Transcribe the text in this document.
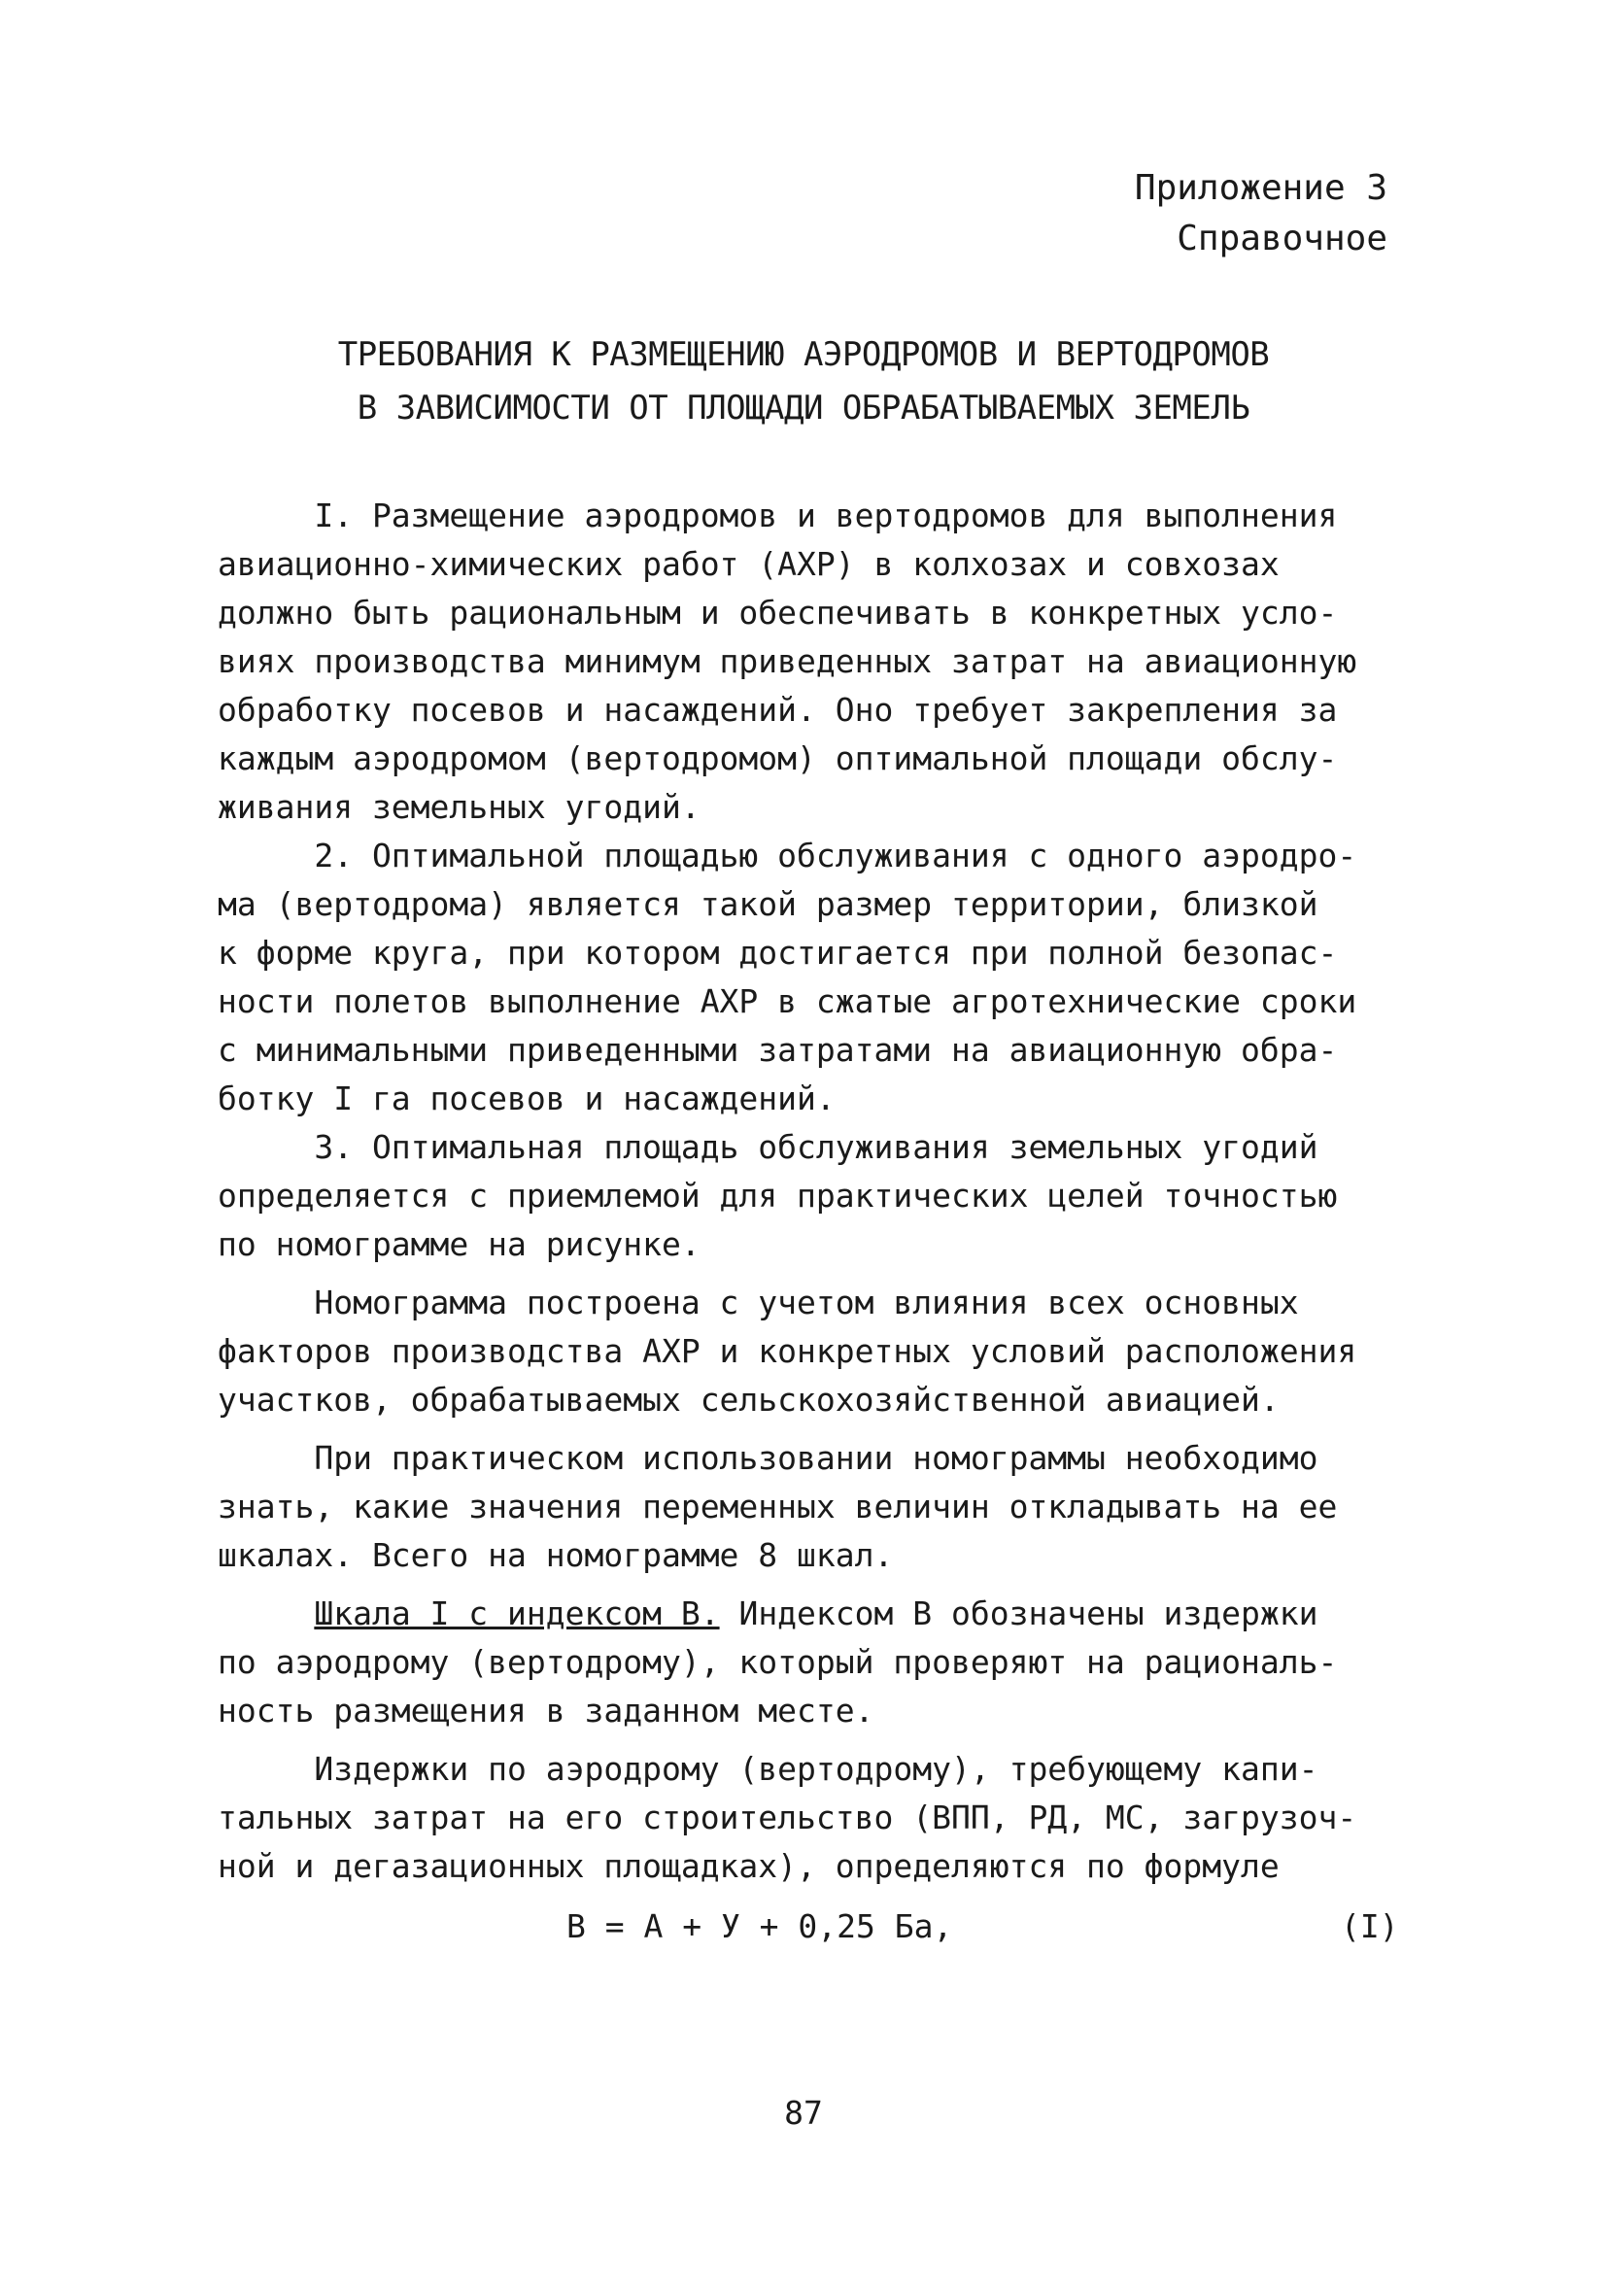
Приложение 3
Справочное
ТРЕБОВАНИЯ К РАЗМЕЩЕНИЮ АЭРОДРОМОВ И ВЕРТОДРОМОВ
В ЗАВИСИМОСТИ ОТ ПЛОЩАДИ ОБРАБАТЫВАЕМЫХ ЗЕМЕЛЬ
I. Размещение аэродромов и вертодромов для выполнения
авиационно-химических работ (АХР) в колхозах и совхозах
должно быть рациональным и обеспечивать в конкретных усло-
виях производства минимум приведенных затрат на авиационную
обработку посевов и насаждений. Оно требует закрепления за
каждым аэродромом (вертодромом) оптимальной площади обслу-
живания земельных угодий.
2. Оптимальной площадью обслуживания с одного аэродро-
ма (вертодрома) является такой размер территории, близкой
к форме круга, при котором достигается при полной безопас-
ности полетов выполнение АХР в сжатые агротехнические сроки
с минимальными приведенными затратами на авиационную обра-
ботку I га посевов и насаждений.
3. Оптимальная площадь обслуживания земельных угодий
определяется с приемлемой для практических целей точностью
по номограмме на рисунке.
Номограмма построена с учетом влияния всех основных
факторов производства АХР и конкретных условий расположения
участков, обрабатываемых сельскохозяйственной авиацией.
При практическом использовании номограммы необходимо
знать, какие значения переменных величин откладывать на ее
шкалах. Всего на номограмме 8 шкал.
Шкала I с индексом В. Индексом В обозначены издержки
по аэродрому (вертодрому), который проверяют на рациональ-
ность размещения в заданном месте.
Издержки по аэродрому (вертодрому), требующему капи-
тальных затрат на его строительство (ВПП, РД, МС, загрузоч-
ной и дегазационных площадках), определяются по формуле
В = А + У + 0,25 Ба,	(I)
87
